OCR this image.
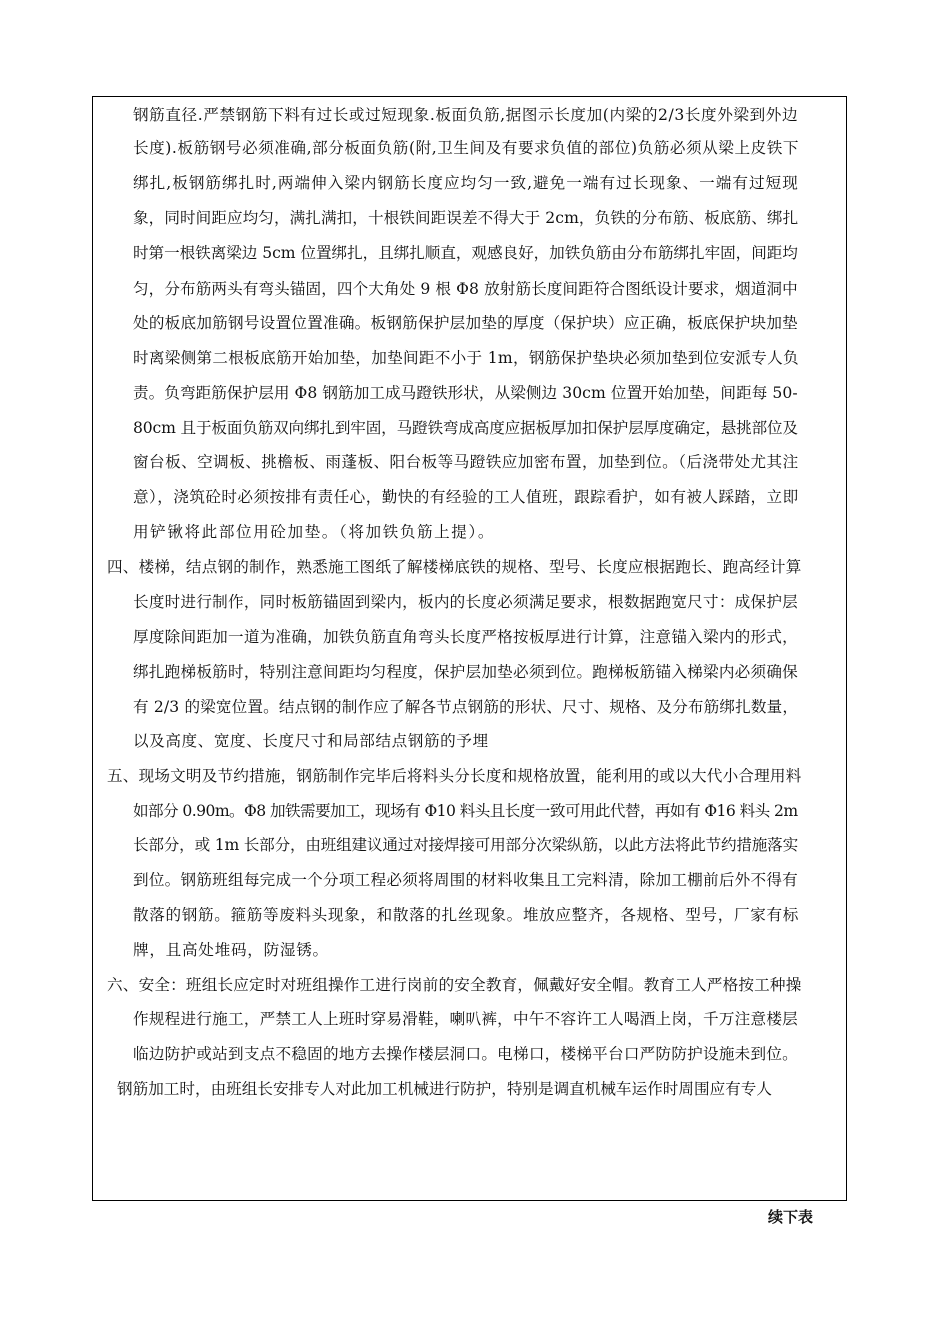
钢筋直径.严禁钢筋下料有过长或过短现象.板面负筋,据图示长度加(内梁的2/3长度外梁到外边
长度).板筋钢号必须准确,部分板面负筋(附,卫生间及有要求负值的部位)负筋必须从梁上皮铁下
绑扎,板钢筋绑扎时,两端伸入梁内钢筋长度应均匀一致,避免一端有过长现象、一端有过短现
象，同时间距应均匀，满扎满扣，十根铁间距误差不得大于 2cm，负铁的分布筋、板底筋、绑扎
时第一根铁离梁边 5cm 位置绑扎，且绑扎顺直，观感良好，加铁负筋由分布筋绑扎牢固，间距均
匀，分布筋两头有弯头锚固，四个大角处 9 根 Φ8 放射筋长度间距符合图纸设计要求，烟道洞中
处的板底加筋钢号设置位置准确。板钢筋保护层加垫的厚度（保护块）应正确，板底保护块加垫
时离梁侧第二根板底筋开始加垫，加垫间距不小于 1m，钢筋保护垫块必须加垫到位安派专人负
责。负弯距筋保护层用 Φ8 钢筋加工成马蹬铁形状，从梁侧边 30cm 位置开始加垫，间距每 50-
80cm 且于板面负筋双向绑扎到牢固，马蹬铁弯成高度应据板厚加扣保护层厚度确定，悬挑部位及
窗台板、空调板、挑檐板、雨蓬板、阳台板等马蹬铁应加密布置，加垫到位。（后浇带处尤其注
意），浇筑砼时必须按排有责任心，勤快的有经验的工人值班，跟踪看护，如有被人踩踏，立即
用铲锹将此部位用砼加垫。（将加铁负筋上提）。
四、楼梯，结点钢的制作，熟悉施工图纸了解楼梯底铁的规格、型号、长度应根据跑长、跑高经计算
长度时进行制作，同时板筋锚固到梁内，板内的长度必须满足要求，根数据跑宽尺寸：成保护层
厚度除间距加一道为准确，加铁负筋直角弯头长度严格按板厚进行计算，注意锚入梁内的形式，
绑扎跑梯板筋时，特别注意间距均匀程度，保护层加垫必须到位。跑梯板筋锚入梯梁内必须确保
有 2/3 的梁宽位置。结点钢的制作应了解各节点钢筋的形状、尺寸、规格、及分布筋绑扎数量，
以及高度、宽度、长度尺寸和局部结点钢筋的予埋
五、现场文明及节约措施，钢筋制作完毕后将料头分长度和规格放置，能利用的或以大代小合理用料
如部分 0.90m。Φ8 加铁需要加工，现场有 Φ10 料头且长度一致可用此代替，再如有 Φ16 料头 2m
长部分，或 1m 长部分，由班组建议通过对接焊接可用部分次梁纵筋，以此方法将此节约措施落实
到位。钢筋班组每完成一个分项工程必须将周围的材料收集且工完料清，除加工棚前后外不得有
散落的钢筋。箍筋等废料头现象，和散落的扎丝现象。堆放应整齐，各规格、型号，厂家有标
牌，且高处堆码，防湿锈。
六、安全：班组长应定时对班组操作工进行岗前的安全教育，佩戴好安全帽。教育工人严格按工种操
作规程进行施工，严禁工人上班时穿易滑鞋，喇叭裤，中午不容许工人喝酒上岗，千万注意楼层
临边防护或站到支点不稳固的地方去操作楼层洞口。电梯口，楼梯平台口严防防护设施未到位。
钢筋加工时，由班组长安排专人对此加工机械进行防护，特别是调直机械车运作时周围应有专人
续下表
